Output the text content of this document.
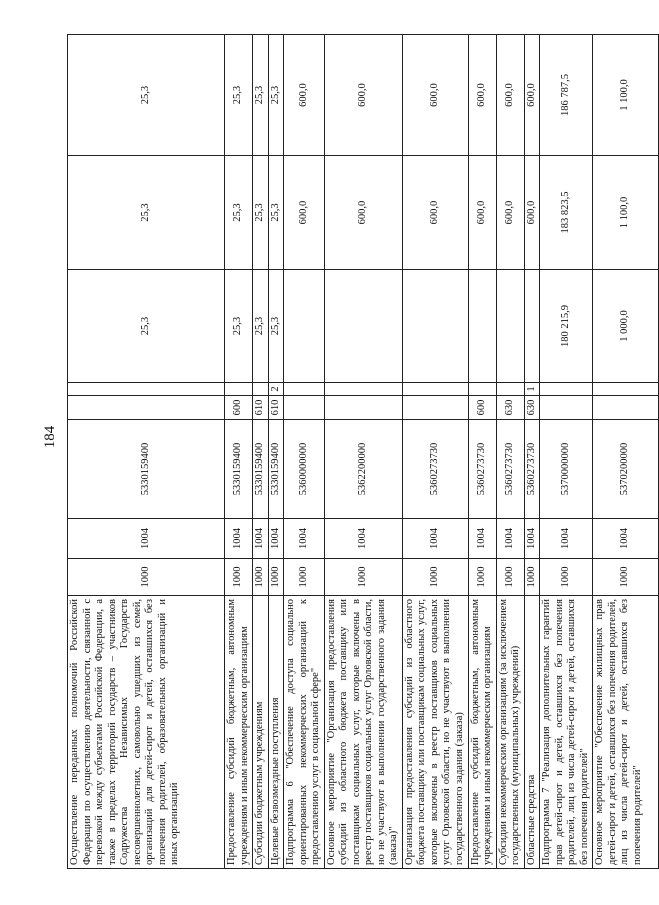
184
Осуществление переданных полномочий Российской Федерации по осуществлению деятельности, связанной с перевозкой между субъектами Российской Федерации, а также в пределах территорий государств – участников Содружества Независимых Государств несовершеннолетних, самовольно ушедших из семей, организаций для детей-сирот и детей, оставшихся без попечения родителей, образовательных организаций и иных организаций	1000	1004	5330159400			25,3	25,3	25,3
Предоставление субсидий бюджетным, автономным учреждениям и иным некоммерческим организациям	1000	1004	5330159400	600		25,3	25,3	25,3
Субсидии бюджетным учреждениям	1000	1004	5330159400	610		25,3	25,3	25,3
Целевые безвозмездные поступления	1000	1004	5330159400	610	2	25,3	25,3	25,3
Подпрограмма 6 "Обеспечение доступа социально ориентированных некоммерческих организаций к предоставлению услуг в социальной сфере"	1000	1004	5360000000				600,0	600,0
Основное мероприятие "Организация предоставления субсидий из областного бюджета поставщику или поставщикам социальных услуг, которые включены в реестр поставщиков социальных услуг Орловской области, но не участвуют в выполнении государственного задания (заказа)"	1000	1004	5362200000				600,0	600,0
Организация предоставления субсидий из областного бюджета поставщику или поставщикам социальных услуг, которые включены в реестр поставщиков социальных услуг Орловской области, но не участвуют в выполнении государственного задания (заказа)	1000	1004	5360273730				600,0	600,0
Предоставление субсидий бюджетным, автономным учреждениям и иным некоммерческим организациям	1000	1004	5360273730	600			600,0	600,0
Субсидии некоммерческим организациям (за исключением государственных (муниципальных) учреждений)	1000	1004	5360273730	630			600,0	600,0
Областные средства	1000	1004	5360273730	630	1		600,0	600,0
Подпрограмма 7 "Реализация дополнительных гарантий прав детей-сирот и детей, оставшихся без попечения родителей, лиц из числа детей-сирот и детей, оставшихся без попечения родителей"	1000	1004	5370000000			180 215,9	183 823,5	186 787,5
Основное мероприятие "Обеспечение жилищных прав детей-сирот и детей, оставшихся без попечения родителей, лиц из числа детей-сирот и детей, оставшихся без попечения родителей"	1000	1004	5370200000			1 000,0	1 100,0	1 100,0
